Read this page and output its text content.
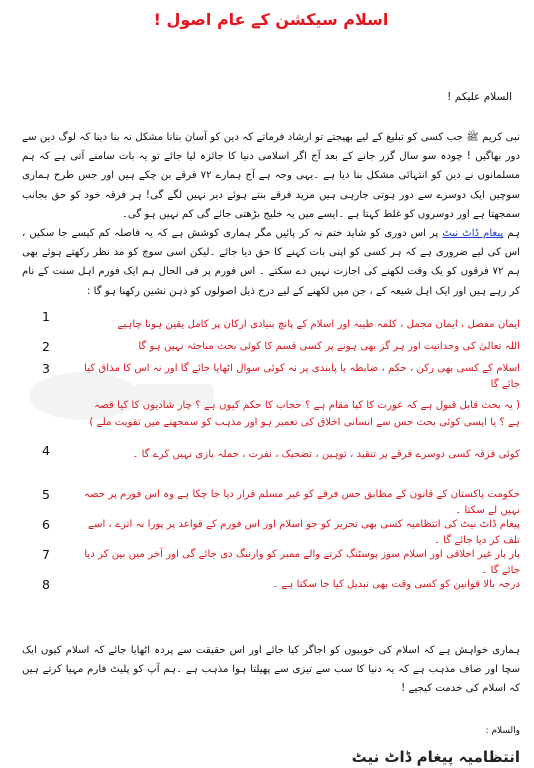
اسلام سیکشن کے عام اصول !
السلام علیکم !

نبی کریم ﷺ جب کسی کو تبلیغ کے لیے بھیجتے تو ارشاد فرماتے کہ دین کو آسان بنانا مشکل نہ بنا دینا کہ لوگ دین سے دور بھاگیں ! چودہ سو سال گزر جانے کے بعد آج اگر اسلامی دنیا کا جائزہ لیا جائے تو یہ بات سامنے آتی ہے کہ ہم مسلمانوں نے دین کو انتہائی مشکل بنا دیا ہے ۔یہی وجہ ہے آج ہمارے ۷۲ فرقے بن چکے ہیں اور جس طرح ہماری سوچیں ایک دوسرے سے دور ہوتی جارہی ہیں مزید فرقے بنتے ہوئے دیر نہیں لگے گی! ہر فرقہ خود کو حق بجانب سمجھتا ہے اور دوسروں کو غلط کہتا ہے ۔ایسے میں یہ خلیج بڑھتی جائے گی کم نہیں ہو گی۔

ہم پیغام ڈاٹ نیٹ پر اس دوری کو شاید ختم نہ کر پائیں مگر ہماری کوشش ہے کہ یہ فاصلہ کم کیسے جا سکیں ، اس کی لیے ضروری ہے کہ ہر کسی کو اپنی بات کہنے کا حق دیا جائے ۔لیکن اسی سوچ کو مد نظر رکھتے ہوئے بھی ہم ۷۲ فرقوں کو یک وقت لکھنے کی اجازت نہیں دے سکتے ۔ اس فورم پر فی الحال ہم ایک فورم اہل سنت کے نام کر رہے ہیں اور ایک اہل شیعہ کے ، جن میں لکھنے کے لیے درج ذیل اصولوں کو ذہن نشین رکھنا ہو گا :

1
ایمان مفصل ، ایمان مجمل ، کلمہ طیبہ اور اسلام کے پانچ بنیادی ارکان پر کامل یقین ہونا چاہیے
2	اللہ تعالیٰ کی وحدانیت اور ہر گز بھی ہونے پر کسی قسم کا کوئی بحث مباحثہ نہیں ہو گا
3	اسلام کے کسی بھی رکن ، حکم ، ضابطہ یا پابندی پر نہ کوئی سوال اٹھایا جائے گا اور نہ اس کا مذاق کیا جائے گا
( یہ بحث قابل قبول ہے کہ عورت کا کیا مقام ہے ؟ حجاب کا حکم کیوں ہے ؟ چار شادیوں کا کیا قصہ ہے ؟ یا ایسی کوئی بحث جس سے انسانی اخلاق کی تعمیر ہو اور مذہب کو سمجھنے میں تقویت ملے )
4	کوئی فرقہ کسی دوسرے فرقے پر تنقید ، توہین ، تضحیک ، نفرت ، جملہ بازی نہیں کرے گا ۔
5	حکومت پاکستان کے قانون کے مطابق جس فرقے کو غیر مسلم قرار دیا جا چکا ہے وہ اس فورم پر حصہ نہیں لے سکتا ۔
6	پیغام ڈاٹ نیٹ کی انتظامیہ کسی بھی تحریر کو جو اسلام اور اس فورم کے قواعد پر پورا نہ اترے ، اسے تلف کر دیا جائے گا ۔
7	بار بار غیر اخلاقی اور اسلام سوز پوسٹنگ کرنے والے ممبر کو وارننگ دی جائے گی اور آخر میں بین کر دیا جائے گا ۔
8	درجہ بالا قوانین کو کسی وقت بھی تبدیل کیا جا سکتا ہے ۔
ہماری خواہش ہے کہ اسلام کی خوبیوں کو اجاگر کیا جائے اور اس حقیقت سے پردہ اٹھایا جائے کہ اسلام کیوں ایک سچا اور صاف مذہب ہے کہ یہ دنیا کا سب سے تیزی سے پھیلتا ہوا مذہب ہے ۔ہم آپ کو پلیٹ فارم مہیا کرتے ہیں کہ اسلام کی خدمت کیجیے !
والسلام :
انتظامیہ پیغام ڈاٹ نیٹ
